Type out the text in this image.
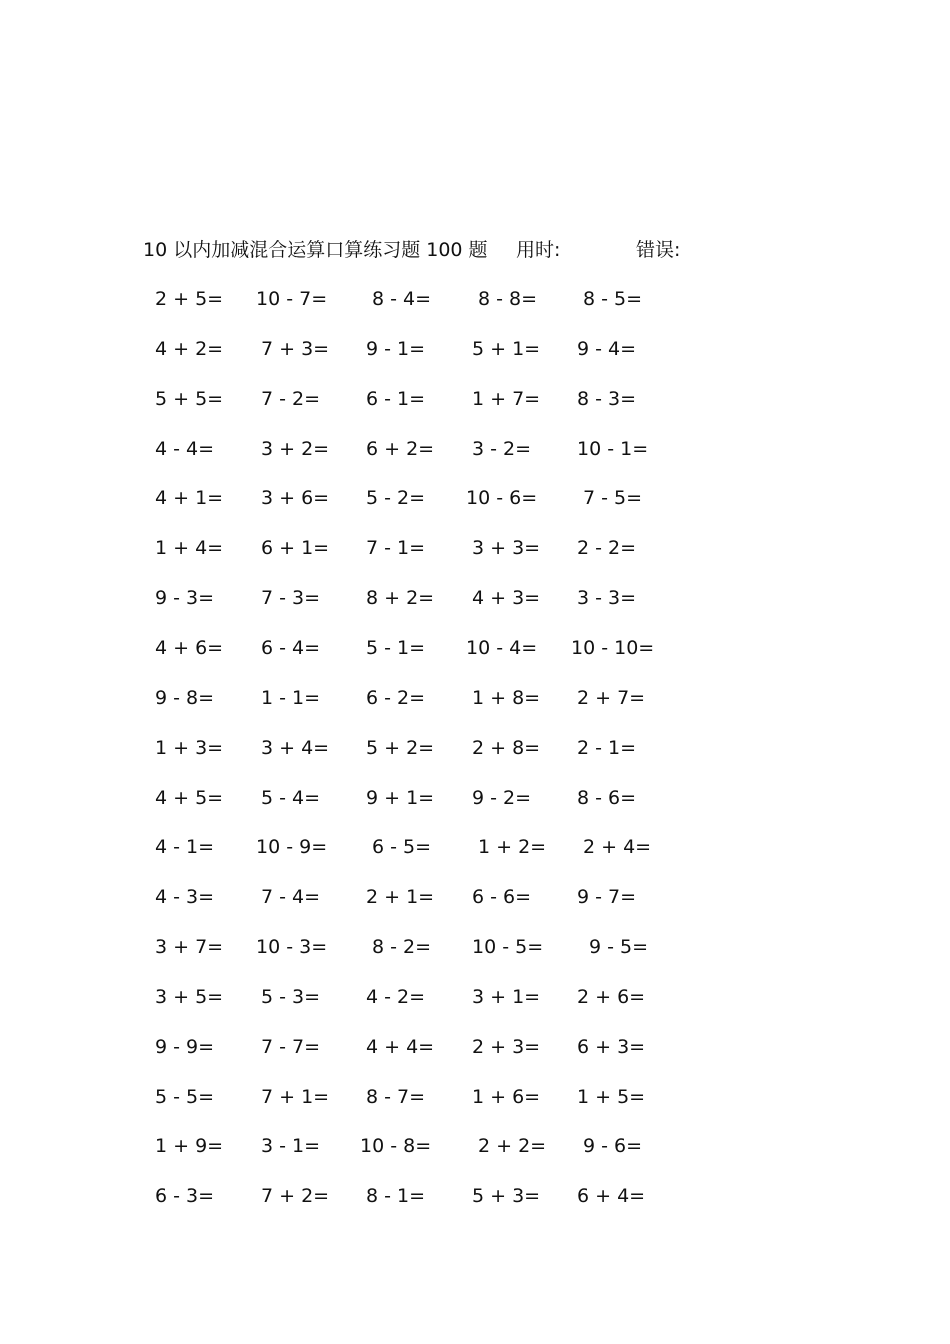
10 以内加减混合运算口算练习题 100 题 用时:	错误:
2 + 5= 10 - 7= 8 - 4= 8 - 8= 8 - 5=
4 + 2= 7 + 3= 9 - 1= 5 + 1= 9 - 4=
5 + 5= 7 - 2= 6 - 1= 1 + 7= 8 - 3=
4 - 4= 3 + 2= 6 + 2= 3 - 2= 10 - 1=
4 + 1= 3 + 6= 5 - 2= 10 - 6= 7 - 5=
1 + 4= 6 + 1= 7 - 1= 3 + 3= 2 - 2=
9 - 3= 7 - 3= 8 + 2= 4 + 3= 3 - 3=
4 + 6= 6 - 4= 5 - 1= 10 - 4= 10 - 10=
9 - 8= 1 - 1= 6 - 2= 1 + 8= 2 + 7=
1 + 3= 3 + 4= 5 + 2= 2 + 8= 2 - 1=
4 + 5= 5 - 4= 9 + 1= 9 - 2= 8 - 6=
4 - 1= 10 - 9= 6 - 5= 1 + 2= 2 + 4=
4 - 3= 7 - 4= 2 + 1= 6 - 6= 9 - 7=
3 + 7= 10 - 3= 8 - 2= 10 - 5= 9 - 5=
3 + 5= 5 - 3= 4 - 2= 3 + 1= 2 + 6=
9 - 9= 7 - 7= 4 + 4= 2 + 3= 6 + 3=
5 - 5= 7 + 1= 8 - 7= 1 + 6= 1 + 5=
1 + 9= 3 - 1= 10 - 8= 2 + 2= 9 - 6=
6 - 3= 7 + 2= 8 - 1= 5 + 3= 6 + 4=
